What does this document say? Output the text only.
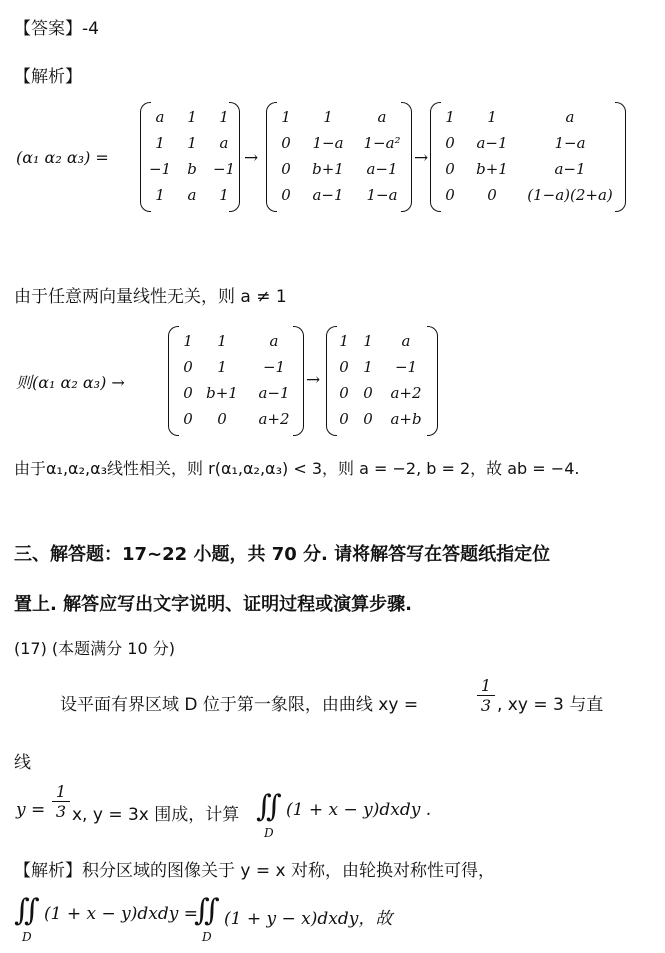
【答案】-4
【解析】
(α₁ α₂ α₃) =
a 1 1
1 1 a
−1 b −1
1 a 1
→
1 1	a
0 1−a 1−a²
0 b+1 a−1
0 a−1 1−a
→
1 1	a
0 a−1	1−a
0 b+1	a−1
0 0 (1−a)(2+a)
由于任意两向量线性无关，则 a ≠ 1
则(α₁ α₂ α₃) →
1 1	a
0 1 −1
0 b+1 a−1
0 0 a+2
→
1 1 a
0 1 −1
0 0 a+2
0 0 a+b
由于α₁,α₂,α₃线性相关，则 r(α₁,α₂,α₃) < 3，则 a = −2, b = 2，故 ab = −4.
三、解答题：17∼22 小题，共 70 分. 请将解答写在答题纸指定位
置上. 解答应写出文字说明、证明过程或演算步骤.
(17) (本题满分 10 分)
设平面有界区域 D 位于第一象限，由曲线 xy =	$\frac{1}{3}$ , xy = 3 与直
线
$y = \frac{1}{3} x$, y = 3x 围成，计算 ∬
D
(1 + x − y)dxdy .
【解析】积分区域的图像关于 y = x 对称，由轮换对称性可得，
∬
D
(1 + x − y)dxdy =
∬
D
(1 + y − x)dxdy，故
